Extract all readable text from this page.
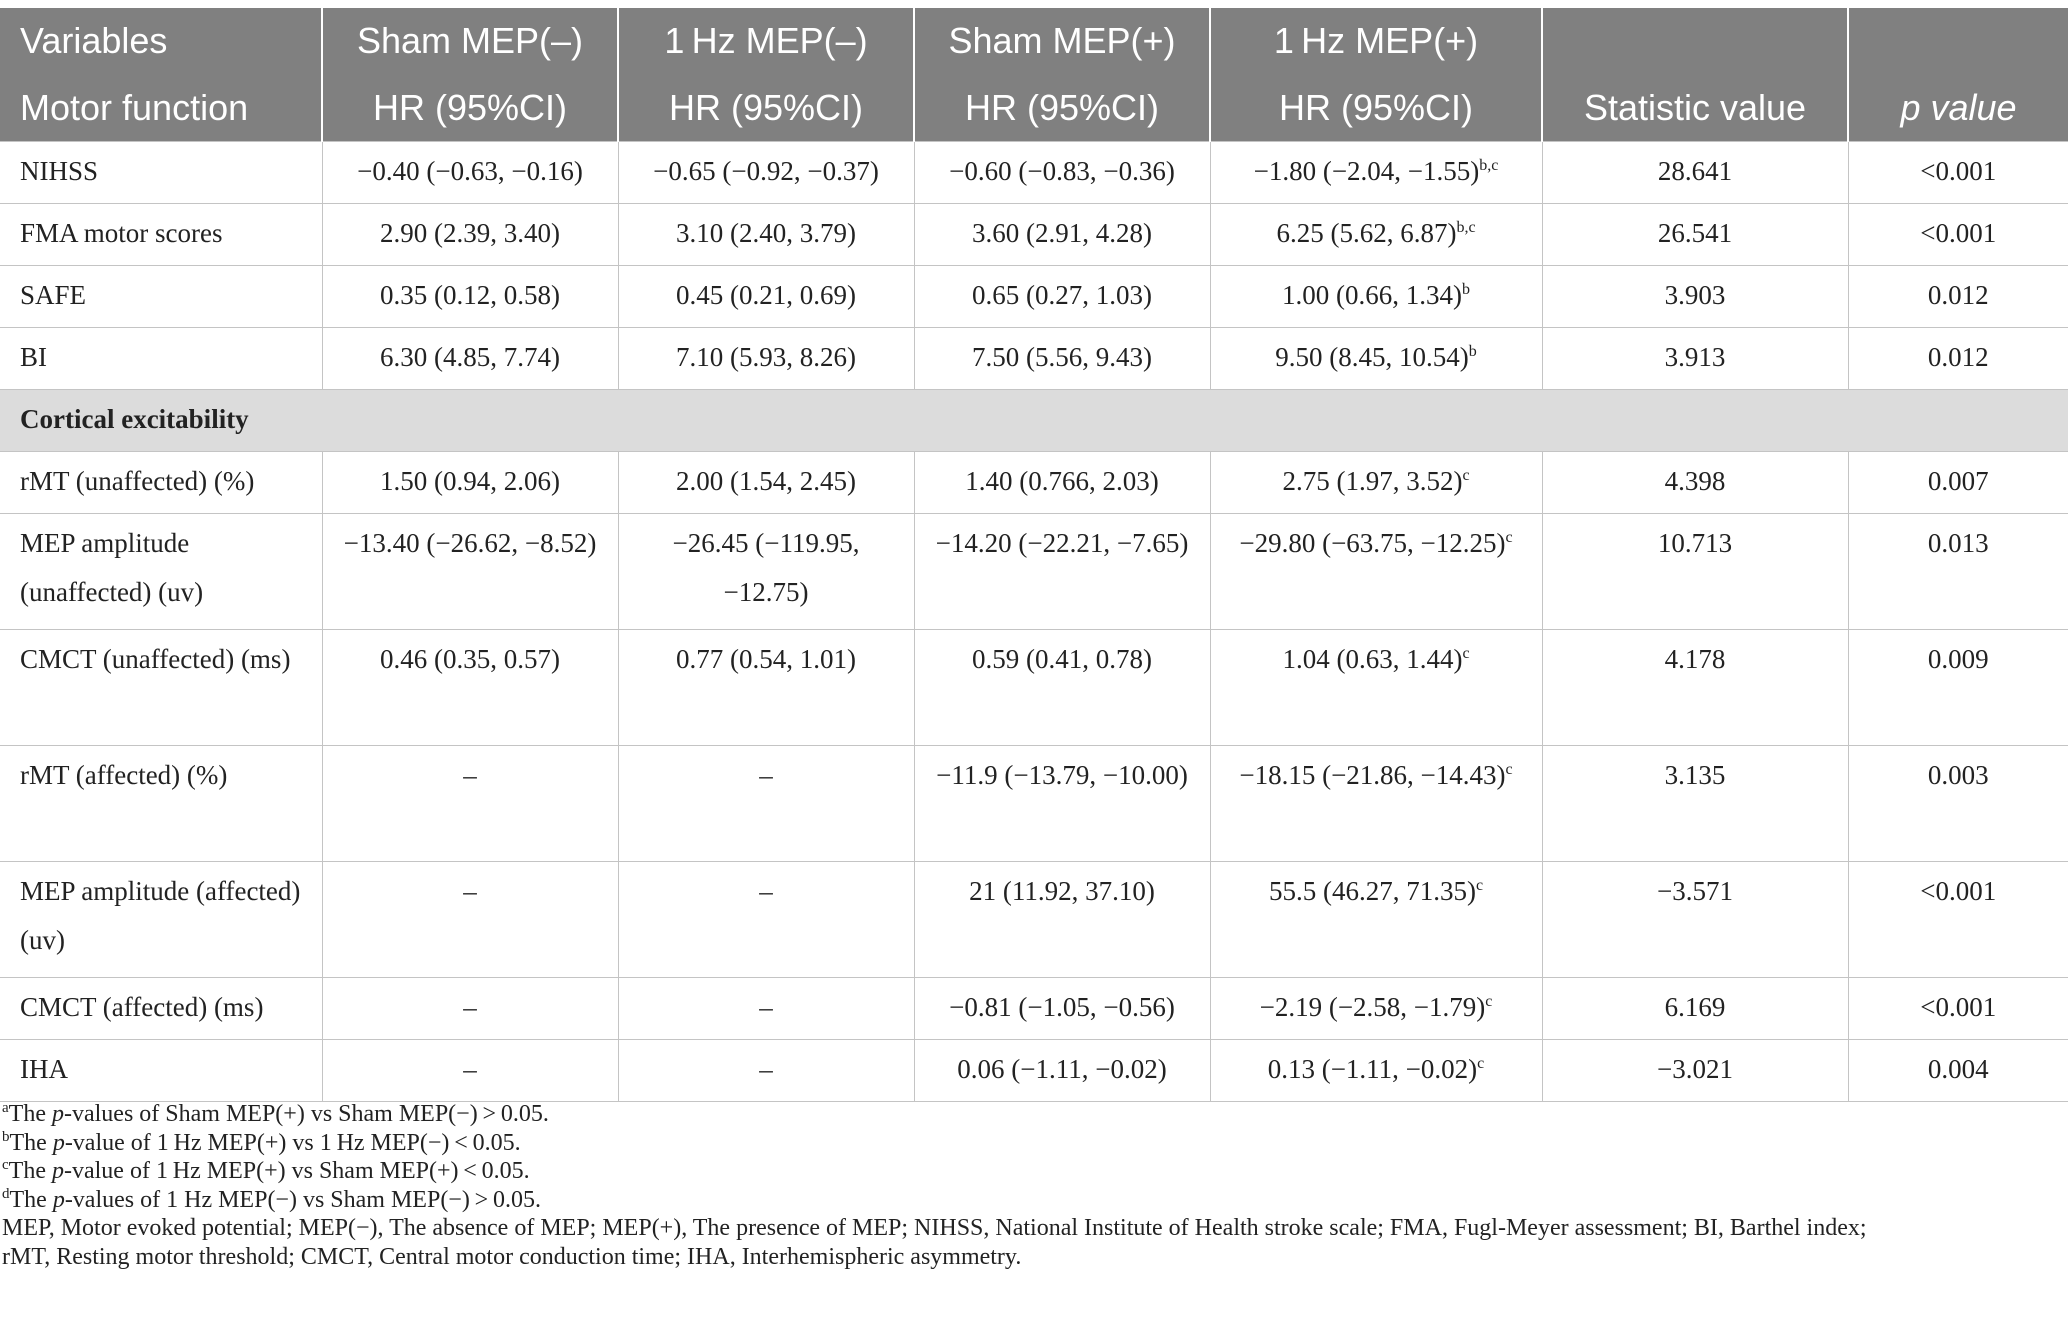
Variables	Sham MEP(–)	1 Hz MEP(–)	Sham MEP(+)	1 Hz MEP(+)		
Motor function	HR (95%CI)	HR (95%CI)	HR (95%CI)	HR (95%CI)	Statistic value	p value
NIHSS	−0.40 (−0.63, −0.16)	−0.65 (−0.92, −0.37)	−0.60 (−0.83, −0.36)	−1.80 (−2.04, −1.55)$^{b,c}$	28.641	<0.001
FMA motor scores	2.90 (2.39, 3.40)	3.10 (2.40, 3.79)	3.60 (2.91, 4.28)	6.25 (5.62, 6.87)$^{b,c}$	26.541	<0.001
SAFE	0.35 (0.12, 0.58)	0.45 (0.21, 0.69)	0.65 (0.27, 1.03)	1.00 (0.66, 1.34)$^b$	3.903	0.012
BI	6.30 (4.85, 7.74)	7.10 (5.93, 8.26)	7.50 (5.56, 9.43)	9.50 (8.45, 10.54)$^b$	3.913	0.012
Cortical excitability						
rMT (unaffected) (%)	1.50 (0.94, 2.06)	2.00 (1.54, 2.45)	1.40 (0.766, 2.03)	2.75 (1.97, 3.52)$^c$	4.398	0.007
MEP amplitude (unaffected) (uv)	−13.40 (−26.62, −8.52)	−26.45 (−119.95, −12.75)	−14.20 (−22.21, −7.65)	−29.80 (−63.75, −12.25)$^c$	10.713	0.013
CMCT (unaffected) (ms)	0.46 (0.35, 0.57)	0.77 (0.54, 1.01)	0.59 (0.41, 0.78)	1.04 (0.63, 1.44)$^c$	4.178	0.009
rMT (affected) (%)	–	–	−11.9 (−13.79, −10.00)	−18.15 (−21.86, −14.43)$^c$	3.135	0.003
MEP amplitude (affected) (uv)	–	–	21 (11.92, 37.10)	55.5 (46.27, 71.35)$^c$	−3.571	<0.001
CMCT (affected) (ms)	–	–	−0.81 (−1.05, −0.56)	−2.19 (−2.58, −1.79)$^c$	6.169	<0.001
IHA	–	–	0.06 (−1.11, −0.02)	0.13 (−1.11, −0.02)$^c$	−3.021	0.004

$^a$The p-values of Sham MEP(+) vs Sham MEP(−) > 0.05.

$^b$The p-value of 1 Hz MEP(+) vs 1 Hz MEP(−) < 0.05.

$^c$The p-value of 1 Hz MEP(+) vs Sham MEP(+) < 0.05.

$^d$The p-values of 1 Hz MEP(−) vs Sham MEP(−) > 0.05.

MEP, Motor evoked potential; MEP(−), The absence of MEP; MEP(+), The presence of MEP; NIHSS, National Institute of Health stroke scale; FMA, Fugl-Meyer assessment; BI, Barthel index;

rMT, Resting motor threshold; CMCT, Central motor conduction time; IHA, Interhemispheric asymmetry.
